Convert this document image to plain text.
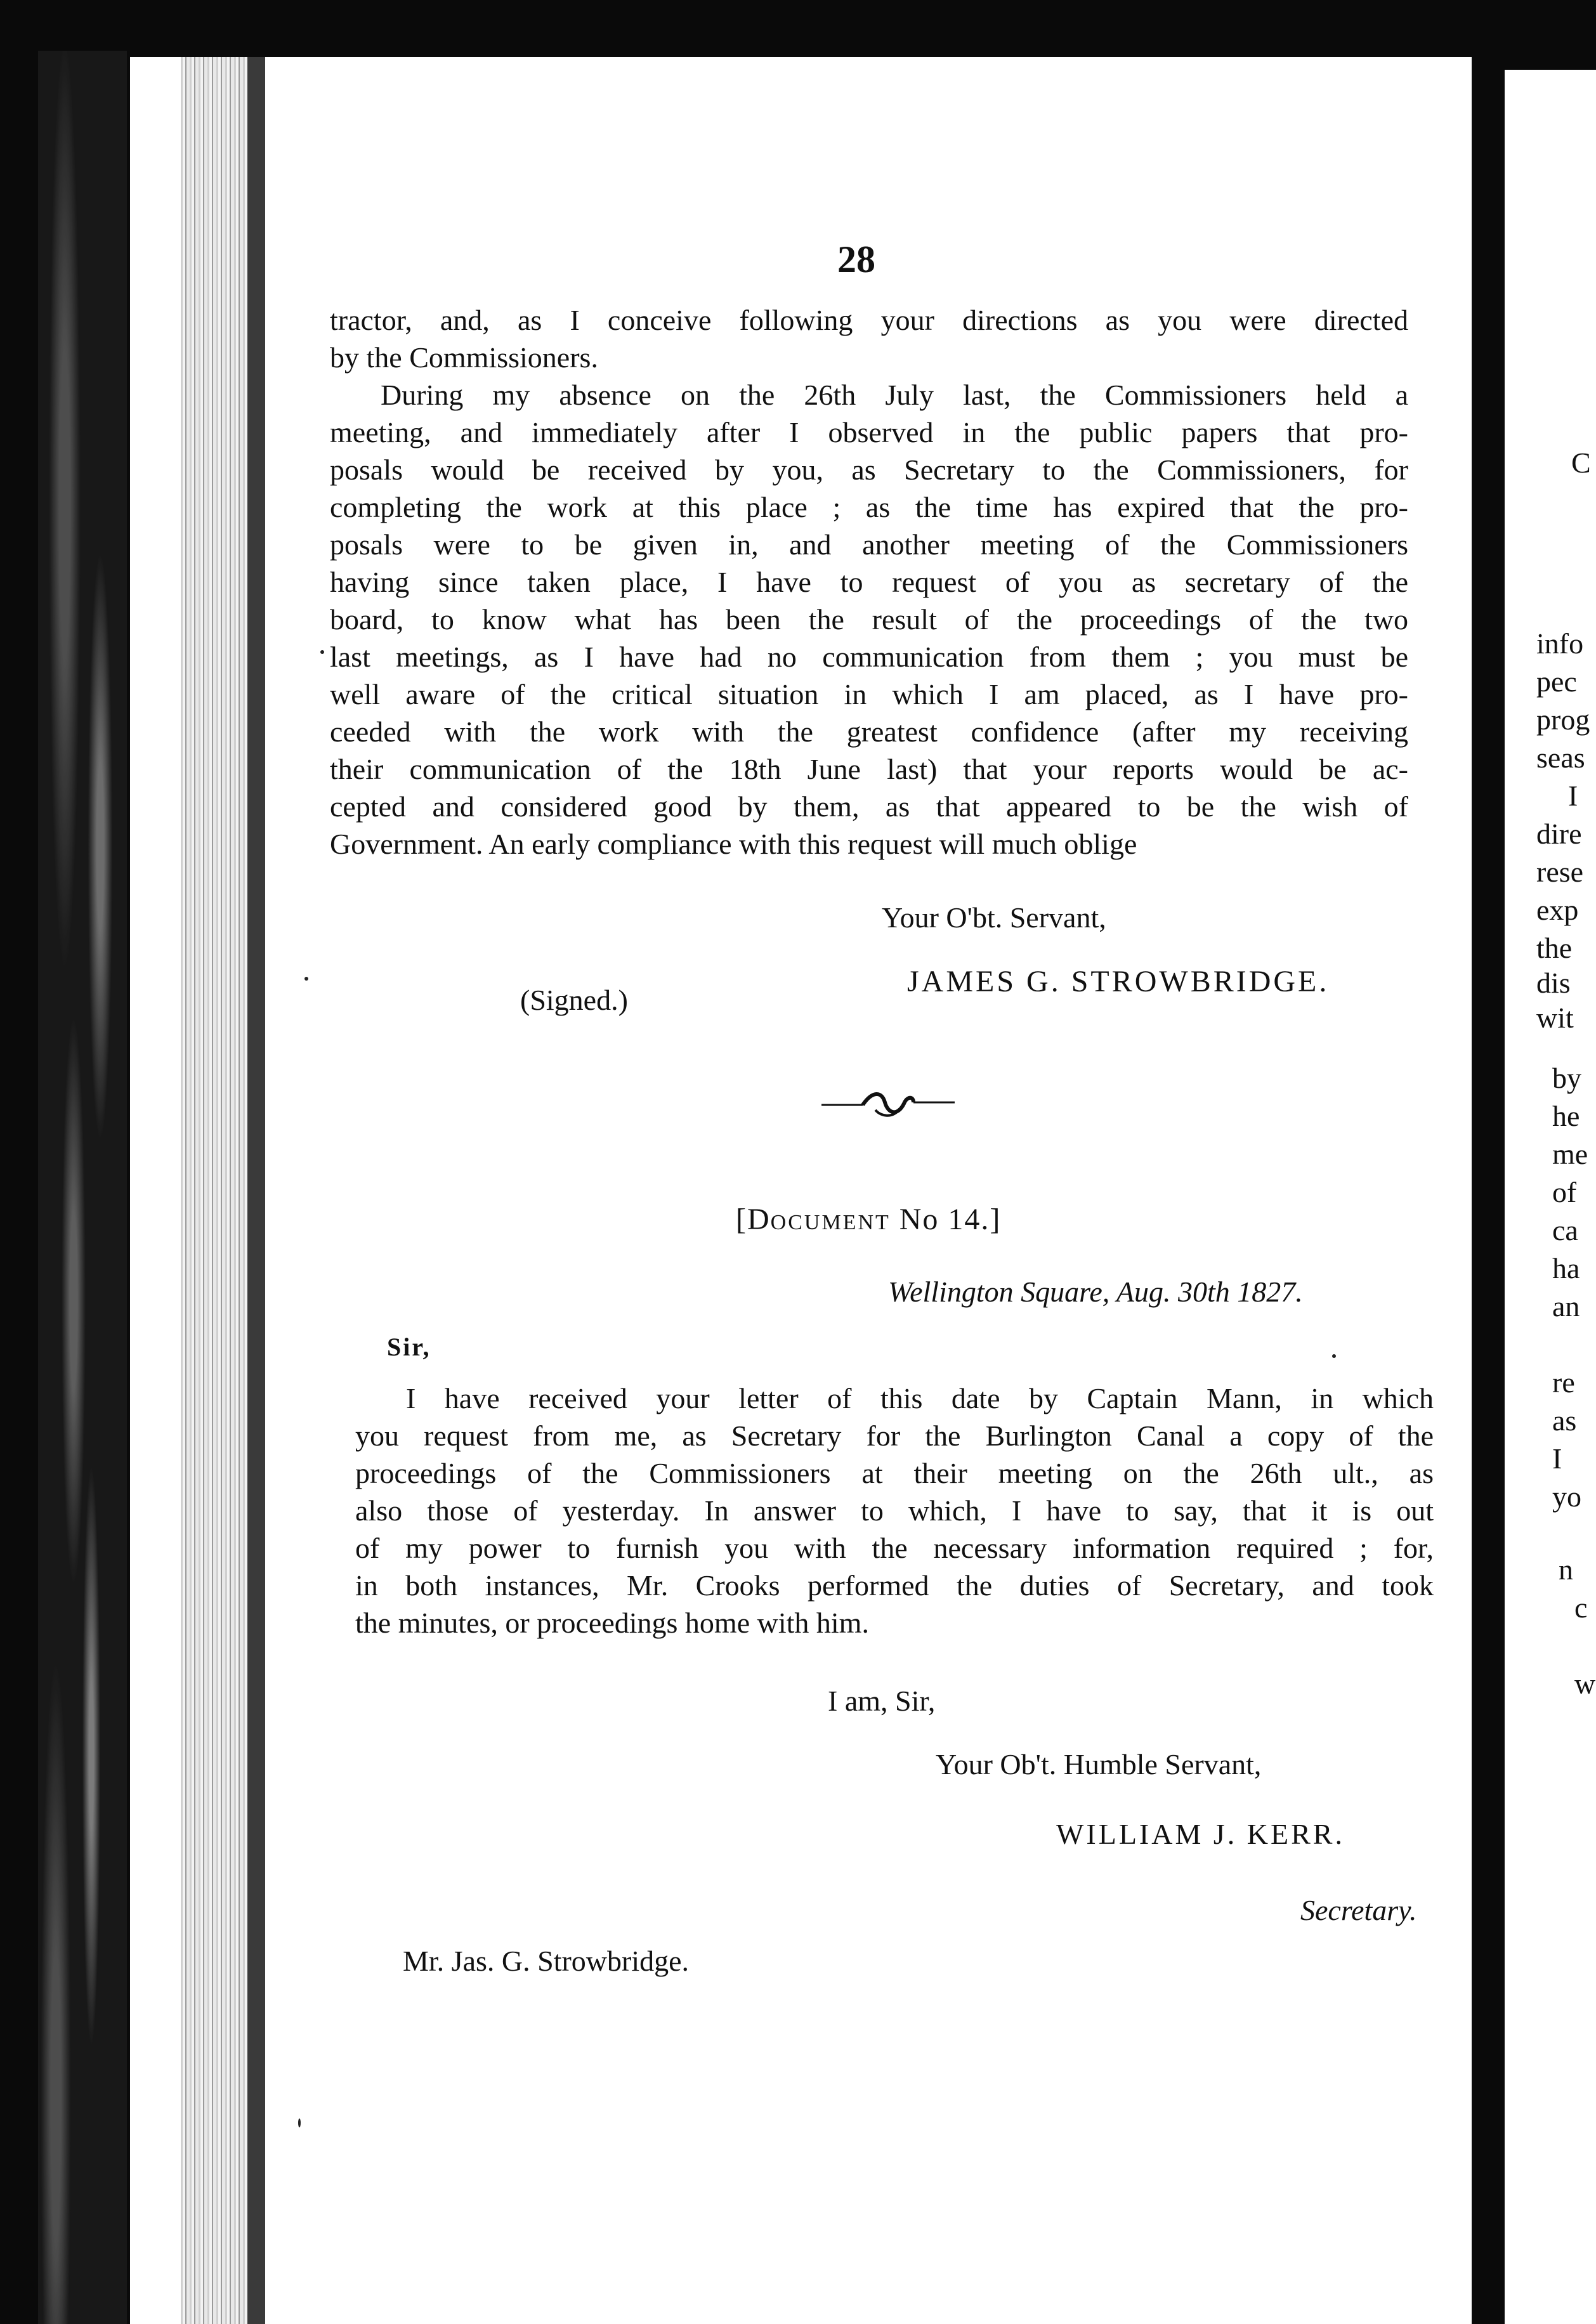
28
tractor, and, as I conceive following your directions as you were directed
by the Commissioners.
During my absence on the 26th July last, the Commissioners held a
meeting, and immediately after I observed in the public papers that pro-
posals would be received by you, as Secretary to the Commissioners, for
completing the work at this place ; as the time has expired that the pro-
posals were to be given in, and another meeting of the Commissioners
having since taken place, I have to request of you as secretary of the
board, to know what has been the result of the proceedings of the two
last meetings, as I have had no communication from them ; you must be
well aware of the critical situation in which I am placed, as I have pro-
ceeded with the work with the greatest confidence (after my receiving
their communication of the 18th June last) that your reports would be ac-
cepted and considered good by them, as that appeared to be the wish of
Government. An early compliance with this request will much oblige
Your O'bt. Servant,
(Signed.)
JAMES G. STROWBRIDGE.
[DOCUMENT No 14.]
Wellington Square, Aug. 30th 1827.
Sir,
I have received your letter of this date by Captain Mann, in which
you request from me, as Secretary for the Burlington Canal a copy of the
proceedings of the Commissioners at their meeting on the 26th ult., as
also those of yesterday. In answer to which, I have to say, that it is out
of my power to furnish you with the necessary information required ; for,
in both instances, Mr. Crooks performed the duties of Secretary, and took
the minutes, or proceedings home with him.
I am, Sir,
Your Ob't. Humble Servant,
WILLIAM J. KERR.
Secretary.
Mr. Jas. G. Strowbridge.
C
info
pec
prog
seas
I
dire
rese
exp
the
dis
wit
by
he
me
of
ca
ha
an
re
as
I
yo
n
c
w
